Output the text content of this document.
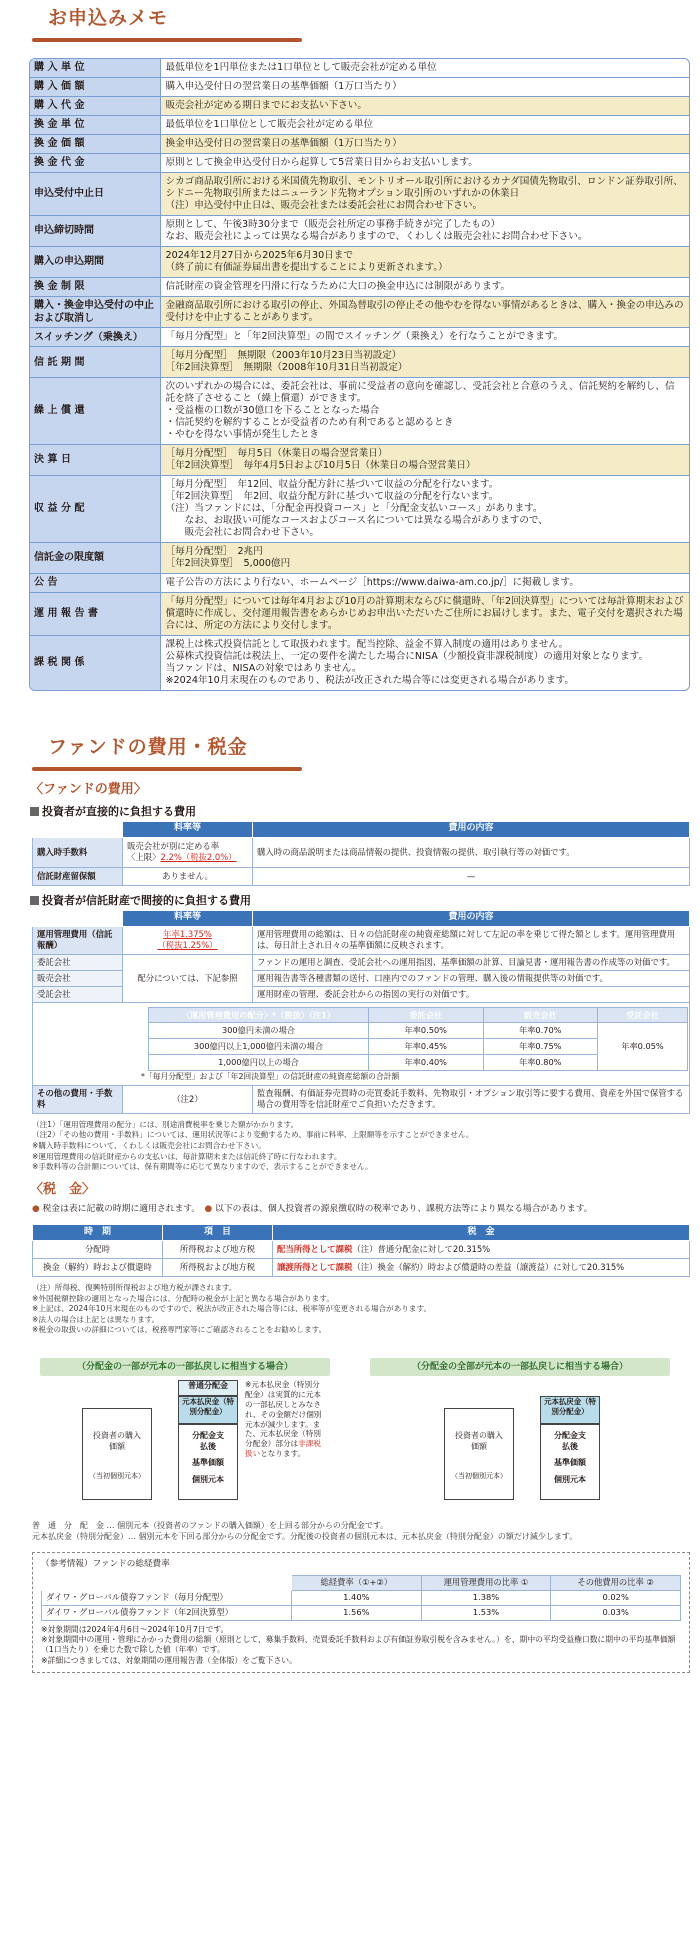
お申込みメモ
購 入 単 位	最低単位を1円単位または1口単位として販売会社が定める単位
購 入 価 額	購入申込受付日の翌営業日の基準価額（1万口当たり）
購 入 代 金	販売会社が定める期日までにお支払い下さい。
換 金 単 位	最低単位を1口単位として販売会社が定める単位
換 金 価 額	換金申込受付日の翌営業日の基準価額（1万口当たり）
換 金 代 金	原則として換金申込受付日から起算して5営業日目からお支払いします。
申込受付中止日	シカゴ商品取引所における米国債先物取引、モントリオール取引所におけるカナダ国債先物取引、ロンドン証券取引所、シドニー先物取引所またはニューランド先物オプション取引所のいずれかの休業日
（注）申込受付中止日は、販売会社または委託会社にお問合わせ下さい。
申込締切時間	原則として、午後3時30分まで（販売会社所定の事務手続きが完了したもの）
なお、販売会社によっては異なる場合がありますので、くわしくは販売会社にお問合わせ下さい。
購入の申込期間	2024年12月27日から2025年6月30日まで
（終了前に有価証券届出書を提出することにより更新されます。）
換 金 制 限	信託財産の資金管理を円滑に行なうために大口の換金申込には制限があります。
購入・換金申込受付の中止および取消し	金融商品取引所における取引の停止、外国為替取引の停止その他やむを得ない事情があるときは、購入・換金の申込みの受付けを中止することがあります。
スイッチング（乗換え）	「毎月分配型」と「年2回決算型」の間でスイッチング（乗換え）を行なうことができます。
信 託 期 間	［毎月分配型］　無期限（2003年10月23日当初設定）
［年2回決算型］　無期限（2008年10月31日当初設定）
繰 上 償 還	次のいずれかの場合には、委託会社は、事前に受益者の意向を確認し、受託会社と合意のうえ、信託契約を解約し、信託を終了させること（繰上償還）ができます。
・受益権の口数が30億口を下ることとなった場合
・信託契約を解約することが受益者のため有利であると認めるとき
・やむを得ない事情が発生したとき
決 算 日	［毎月分配型］　毎月5日（休業日の場合翌営業日）
［年2回決算型］　毎年4月5日および10月5日（休業日の場合翌営業日）
収 益 分 配	［毎月分配型］　年12回、収益分配方針に基づいて収益の分配を行ないます。
［年2回決算型］　年2回、収益分配方針に基づいて収益の分配を行ないます。
（注）当ファンドには、「分配金再投資コース」と「分配金支払いコース」があります。
　　なお、お取扱い可能なコースおよびコース名については異なる場合がありますので、
　　販売会社にお問合わせ下さい。
信託金の限度額	［毎月分配型］　2兆円
［年2回決算型］　5,000億円
公 告	電子公告の方法により行ない、ホームページ［https://www.daiwa-am.co.jp/］に掲載します。
運 用 報 告 書	「毎月分配型」については毎年4月および10月の計算期末ならびに償還時、「年2回決算型」については毎計算期末および償還時に作成し、交付運用報告書をあらかじめお申出いただいたご住所にお届けします。また、電子交付を選択された場合には、所定の方法により交付します。
課 税 関 係	課税上は株式投資信託として取扱われます。配当控除、益金不算入制度の適用はありません。
公募株式投資信託は税法上、一定の要件を満たした場合にNISA（少額投資非課税制度）の適用対象となります。
当ファンドは、NISAの対象ではありません。
※2024年10月末現在のものであり、税法が改正された場合等には変更される場合があります。
ファンドの費用・税金
〈ファンドの費用〉
投資者が直接的に負担する費用
	料率等	費用の内容
購入時手数料	販売会社が別に定める率
〈上限〉2.2%（税抜2.0%）	購入時の商品説明または商品情報の提供、投資情報の提供、取引執行等の対価です。
信託財産留保額	ありません。	—
投資者が信託財産で間接的に負担する費用
	料率等	費用の内容
運用管理費用（信託報酬）	年率1.375%
（税抜1.25%）	運用管理費用の総額は、日々の信託財産の純資産総額に対して左記の率を乗じて得た額とします。運用管理費用は、毎日計上され日々の基準価額に反映されます。
委託会社	配分については、下記参照	ファンドの運用と調査、受託会社への運用指図、基準価額の計算、目論見書・運用報告書の作成等の対価です。
販売会社	運用報告書等各種書類の送付、口座内でのファンドの管理、購入後の情報提供等の対価です。
受託会社	運用財産の管理、委託会社からの指図の実行の対価です。

〈運用管理費用の配分〉*（税抜）（注1）	委託会社	販売会社	受託会社
300億円未満の場合	年率0.50%	年率0.70%	年率0.05%
300億円以上1,000億円未満の場合	年率0.45%	年率0.75%
1,000億円以上の場合	年率0.40%	年率0.80%
*「毎月分配型」および「年2回決算型」の信託財産の純資産総額の合計額

その他の費用・手数料	（注2）	監査報酬、有価証券売買時の売買委託手数料、先物取引・オプション取引等に要する費用、資産を外国で保管する場合の費用等を信託財産でご負担いただきます。
（注1）「運用管理費用の配分」には、別途消費税率を乗じた額がかかります。
（注2）「その他の費用・手数料」については、運用状況等により変動するため、事前に料率、上限額等を示すことができません。
※購入時手数料について、くわしくは販売会社にお問合わせ下さい。
※運用管理費用の信託財産からの支払いは、毎計算期末または信託終了時に行なわれます。
※手数料等の合計額については、保有期間等に応じて異なりますので、表示することができません。
〈税　金〉
● 税金は表に記載の時期に適用されます。　 ● 以下の表は、個人投資者の源泉徴収時の税率であり、課税方法等により異なる場合があります。
時　期	項　目	税　金
分配時	所得税および地方税	配当所得として課税（注）普通分配金に対して20.315%
換金（解約）時および償還時	所得税および地方税	譲渡所得として課税（注）換金（解約）時および償還時の差益（譲渡益）に対して20.315%
（注）所得税、復興特別所得税および地方税が課されます。
※外国税額控除の適用となった場合には、分配時の税金が上記と異なる場合があります。
※上記は、2024年10月末現在のものですので、税法が改正された場合等には、税率等が変更される場合があります。
※法人の場合は上記とは異なります。
※税金の取扱いの詳細については、税務専門家等にご確認されることをお勧めします。
（分配金の一部が元本の一部払戻しに相当する場合）	（分配金の全部が元本の一部払戻しに相当する場合）
投資者の購入価額
（当初個別元本）
普通分配金
元本払戻金（特別分配金）
分配金支払後
基準価額
個別元本
※元本払戻金（特別分配金）は実質的に元本の一部払戻しとみなされ、その金額だけ個別元本が減少します。また、元本払戻金（特別分配金）部分は非課税扱いとなります。
投資者の購入価額
（当初個別元本）
元本払戻金（特別分配金）
分配金支払後
基準価額
個別元本
普　通　分　配　金 … 個別元本（投資者のファンドの購入価額）を上回る部分からの分配金です。
元本払戻金（特別分配金）… 個別元本を下回る部分からの分配金です。分配後の投資者の個別元本は、元本払戻金（特別分配金）の額だけ減少します。
（参考情報）ファンドの総経費率
	総経費率（①+②）	運用管理費用の比率 ①	その他費用の比率 ②
ダイワ・グローバル債券ファンド（毎月分配型）	1.40%	1.38%	0.02%
ダイワ・グローバル債券ファンド（年2回決算型）	1.56%	1.53%	0.03%
※対象期間は2024年4月6日～2024年10月7日です。
※対象期間中の運用・管理にかかった費用の総額（原則として、募集手数料、売買委託手数料および有価証券取引税を含みません。）を、期中の平均受益権口数に期中の平均基準価額（1口当たり）を乗じた数で除した値（年率）です。
※詳細につきましては、対象期間の運用報告書（全体版）をご覧下さい。
